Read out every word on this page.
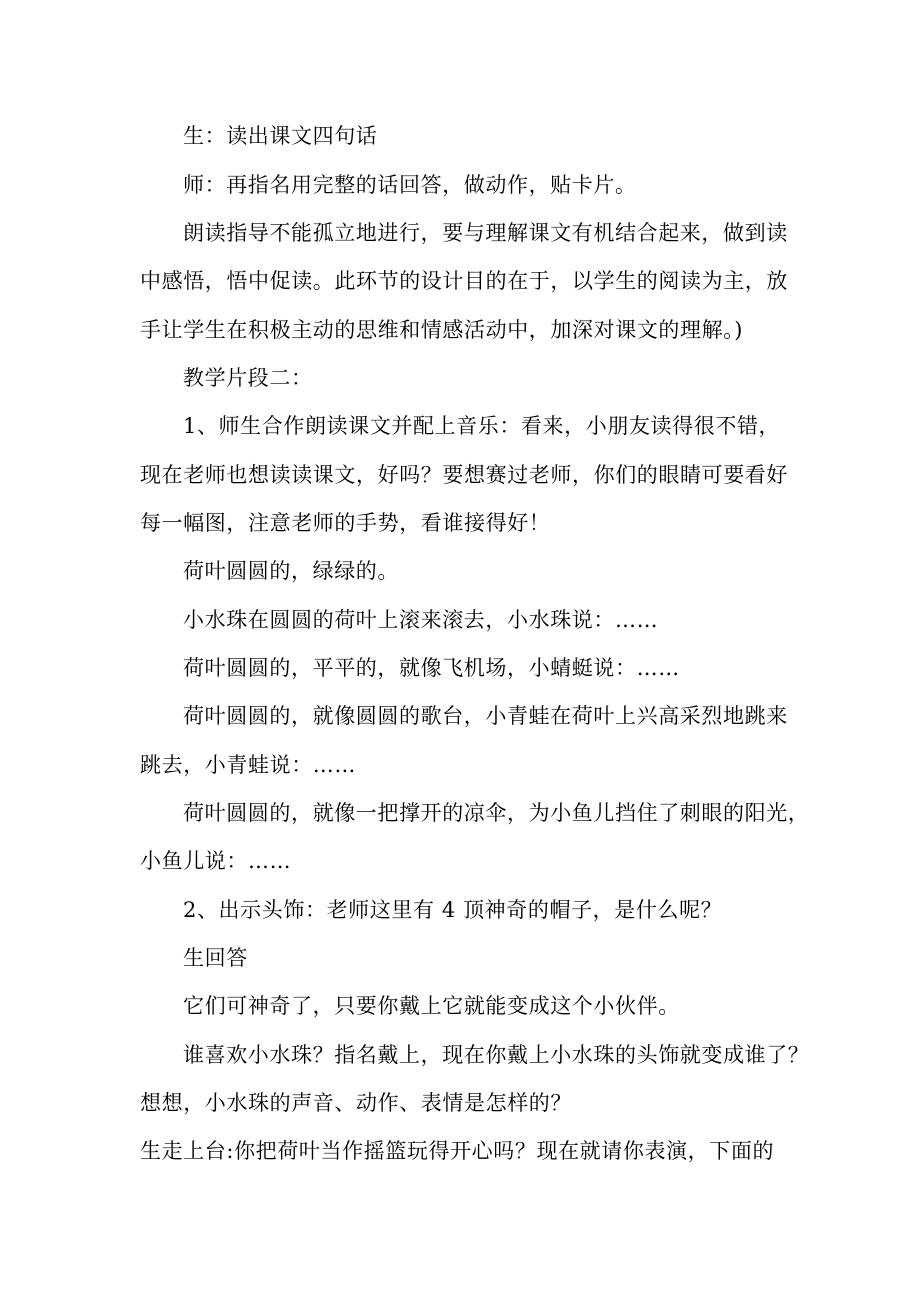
生：读出课文四句话
师：再指名用完整的话回答，做动作，贴卡片。
朗读指导不能孤立地进行，要与理解课文有机结合起来，做到读
中感悟，悟中促读。此环节的设计目的在于，以学生的阅读为主，放
手让学生在积极主动的思维和情感活动中，加深对课文的理解。)
教学片段二：
1、师生合作朗读课文并配上音乐：看来，小朋友读得很不错，
现在老师也想读读课文，好吗？要想赛过老师，你们的眼睛可要看好
每一幅图，注意老师的手势，看谁接得好！
荷叶圆圆的，绿绿的。
小水珠在圆圆的荷叶上滚来滚去，小水珠说：……
荷叶圆圆的，平平的，就像飞机场，小蜻蜓说：……
荷叶圆圆的，就像圆圆的歌台，小青蛙在荷叶上兴高采烈地跳来
跳去，小青蛙说：……
荷叶圆圆的，就像一把撑开的凉伞，为小鱼儿挡住了刺眼的阳光，
小鱼儿说：……
2、出示头饰：老师这里有 4 顶神奇的帽子，是什么呢？
生回答
它们可神奇了，只要你戴上它就能变成这个小伙伴。
谁喜欢小水珠？指名戴上，现在你戴上小水珠的头饰就变成谁了？
想想，小水珠的声音、动作、表情是怎样的？
生走上台:你把荷叶当作摇篮玩得开心吗？现在就请你表演，下面的
